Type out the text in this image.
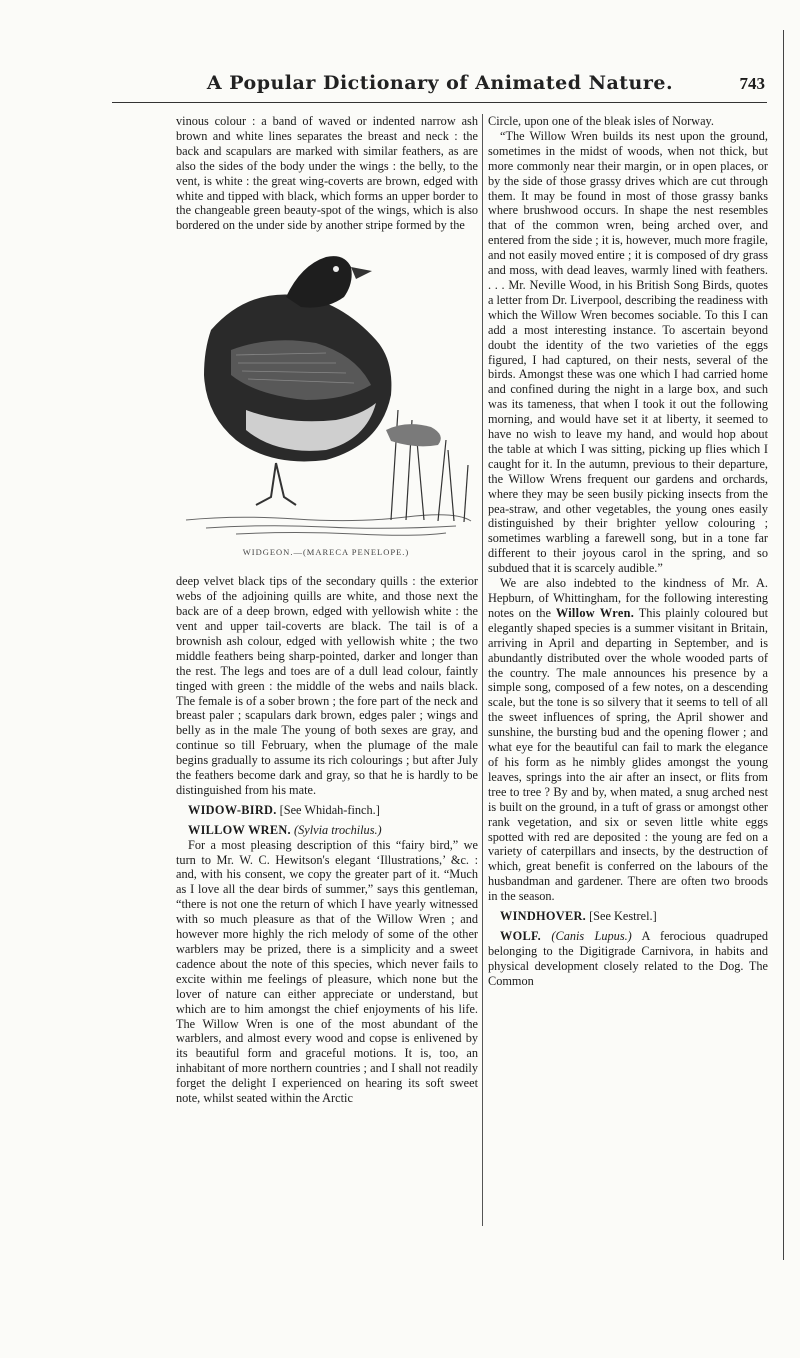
A Popular Dictionary of Animated Nature.	743

vinous colour : a band of waved or indented narrow ash brown and white lines separates the breast and neck : the back and scapulars are marked with similar feathers, as are also the sides of the body under the wings : the belly, to the vent, is white : the great wing-coverts are brown, edged with white and tipped with black, which forms an upper border to the changeable green beauty-spot of the wings, which is also bordered on the under side by another stripe formed by the

WIDGEON.—(MARECA PENELOPE.)

deep velvet black tips of the secondary quills : the exterior webs of the adjoining quills are white, and those next the back are of a deep brown, edged with yellowish white : the vent and upper tail-coverts are black. The tail is of a brownish ash colour, edged with yellowish white ; the two middle feathers being sharp-pointed, darker and longer than the rest. The legs and toes are of a dull lead colour, faintly tinged with green : the middle of the webs and nails black. The female is of a sober brown ; the fore part of the neck and breast paler ; scapulars dark brown, edges paler ; wings and belly as in the male The young of both sexes are gray, and continue so till February, when the plumage of the male begins gradually to assume its rich colourings ; but after July the feathers become dark and gray, so that he is hardly to be distinguished from his mate.

WIDOW-BIRD. [See Whidah-finch.]

WILLOW WREN. (Sylvia trochilus.)

For a most pleasing description of this “fairy bird,” we turn to Mr. W. C. Hewitson's elegant ‘Illustrations,’ &c. : and, with his consent, we copy the greater part of it. “Much as I love all the dear birds of summer,” says this gentleman, “there is not one the return of which I have yearly witnessed with so much pleasure as that of the Willow Wren ; and however more highly the rich melody of some of the other warblers may be prized, there is a simplicity and a sweet cadence about the note of this species, which never fails to excite within me feelings of pleasure, which none but the lover of nature can either appreciate or understand, but which are to him amongst the chief enjoyments of his life. The Willow Wren is one of the most abundant of the warblers, and almost every wood and copse is enlivened by its beautiful form and graceful motions. It is, too, an inhabitant of more northern countries ; and I shall not readily forget the delight I experienced on hearing its soft sweet note, whilst seated within the Arctic

Circle, upon one of the bleak isles of Norway.

“The Willow Wren builds its nest upon the ground, sometimes in the midst of woods, when not thick, but more commonly near their margin, or in open places, or by the side of those grassy drives which are cut through them. It may be found in most of those grassy banks where brushwood occurs. In shape the nest resembles that of the common wren, being arched over, and entered from the side ; it is, however, much more fragile, and not easily moved entire ; it is composed of dry grass and moss, with dead leaves, warmly lined with feathers. . . . Mr. Neville Wood, in his British Song Birds, quotes a letter from Dr. Liverpool, describing the readiness with which the Willow Wren becomes sociable. To this I can add a most interesting instance. To ascertain beyond doubt the identity of the two varieties of the eggs figured, I had captured, on their nests, several of the birds. Amongst these was one which I had carried home and confined during the night in a large box, and such was its tameness, that when I took it out the following morning, and would have set it at liberty, it seemed to have no wish to leave my hand, and would hop about the table at which I was sitting, picking up flies which I caught for it. In the autumn, previous to their departure, the Willow Wrens frequent our gardens and orchards, where they may be seen busily picking insects from the pea-straw, and other vegetables, the young ones easily distinguished by their brighter yellow colouring ; sometimes warbling a farewell song, but in a tone far different to their joyous carol in the spring, and so subdued that it is scarcely audible.”

We are also indebted to the kindness of Mr. A. Hepburn, of Whittingham, for the following interesting notes on the Willow Wren. This plainly coloured but elegantly shaped species is a summer visitant in Britain, arriving in April and departing in September, and is abundantly distributed over the whole wooded parts of the country. The male announces his presence by a simple song, composed of a few notes, on a descending scale, but the tone is so silvery that it seems to tell of all the sweet influences of spring, the April shower and sunshine, the bursting bud and the opening flower ; and what eye for the beautiful can fail to mark the elegance of his form as he nimbly glides amongst the young leaves, springs into the air after an insect, or flits from tree to tree ? By and by, when mated, a snug arched nest is built on the ground, in a tuft of grass or amongst other rank vegetation, and six or seven little white eggs spotted with red are deposited : the young are fed on a variety of caterpillars and insects, by the destruction of which, great benefit is conferred on the labours of the husbandman and gardener. There are often two broods in the season.

WINDHOVER. [See Kestrel.]

WOLF. (Canis Lupus.) A ferocious quadruped belonging to the Digitigrade Carnivora, in habits and physical development closely related to the Dog. The Common
